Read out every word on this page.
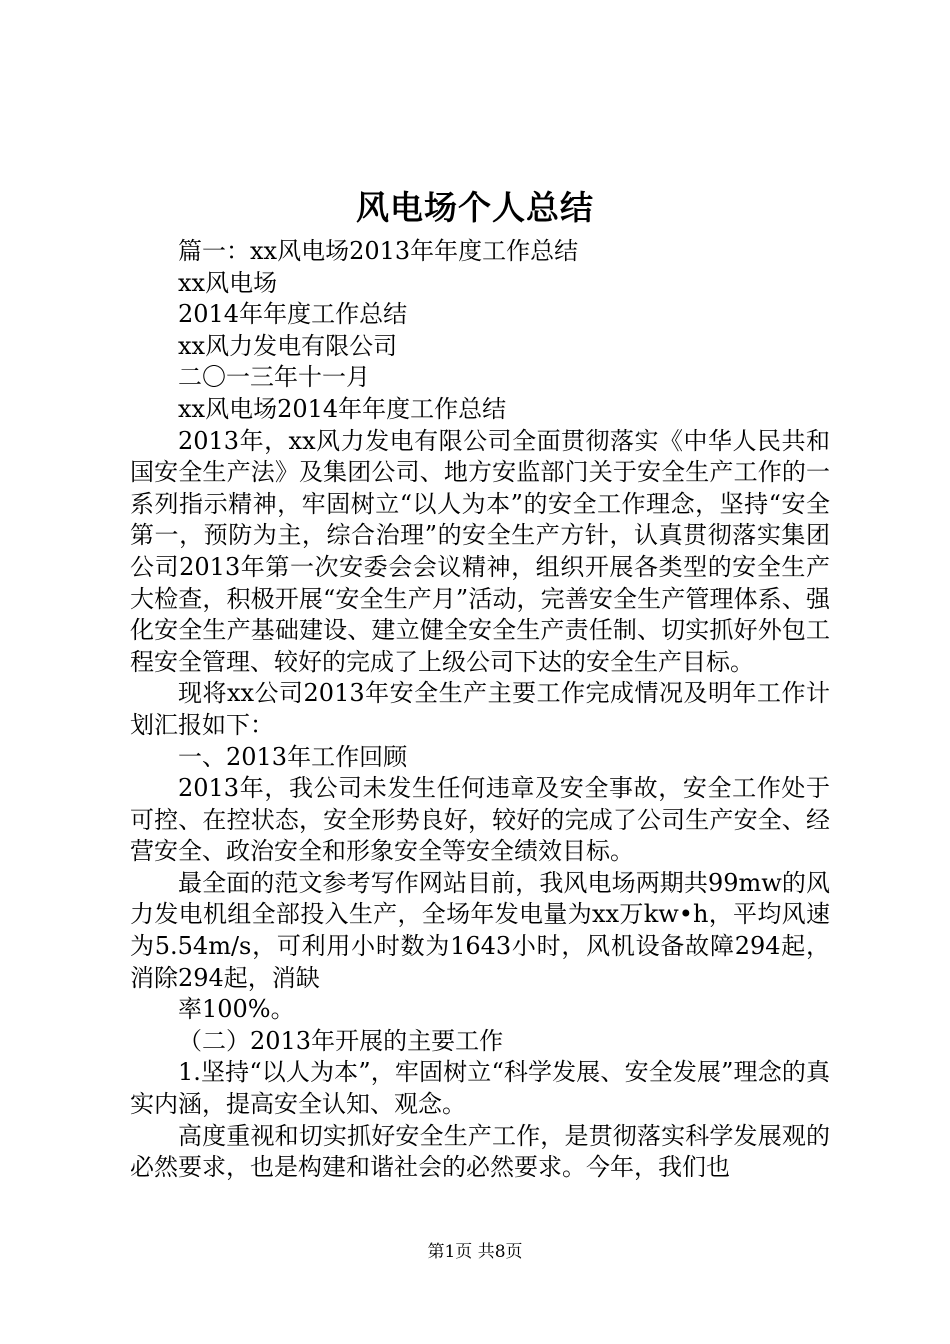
风电场个人总结

篇一：xx风电场2013年年度工作总结

xx风电场

2014年年度工作总结

xx风力发电有限公司

二〇一三年十一月

xx风电场2014年年度工作总结

2013年，xx风力发电有限公司全面贯彻落实《中华人民共和国安全生产法》及集团公司、地方安监部门关于安全生产工作的一系列指示精神，牢固树立“以人为本”的安全工作理念，坚持“安全第一，预防为主，综合治理”的安全生产方针，认真贯彻落实集团公司2013年第一次安委会会议精神，组织开展各类型的安全生产大检查，积极开展“安全生产月”活动，完善安全生产管理体系、强化安全生产基础建设、建立健全安全生产责任制、切实抓好外包工程安全管理、较好的完成了上级公司下达的安全生产目标。

现将xx公司2013年安全生产主要工作完成情况及明年工作计划汇报如下：

一、2013年工作回顾

2013年，我公司未发生任何违章及安全事故，安全工作处于可控、在控状态，安全形势良好，较好的完成了公司生产安全、经营安全、政治安全和形象安全等安全绩效目标。

最全面的范文参考写作网站目前，我风电场两期共99mw的风力发电机组全部投入生产，全场年发电量为xx万kw•h，平均风速为5.54m/s，可利用小时数为1643小时，风机设备故障294起，消除294起，消缺

率100%。

（二）2013年开展的主要工作

1.坚持“以人为本”，牢固树立“科学发展、安全发展”理念的真实内涵，提高安全认知、观念。

高度重视和切实抓好安全生产工作，是贯彻落实科学发展观的必然要求，也是构建和谐社会的必然要求。今年，我们也

第1页 共8页
